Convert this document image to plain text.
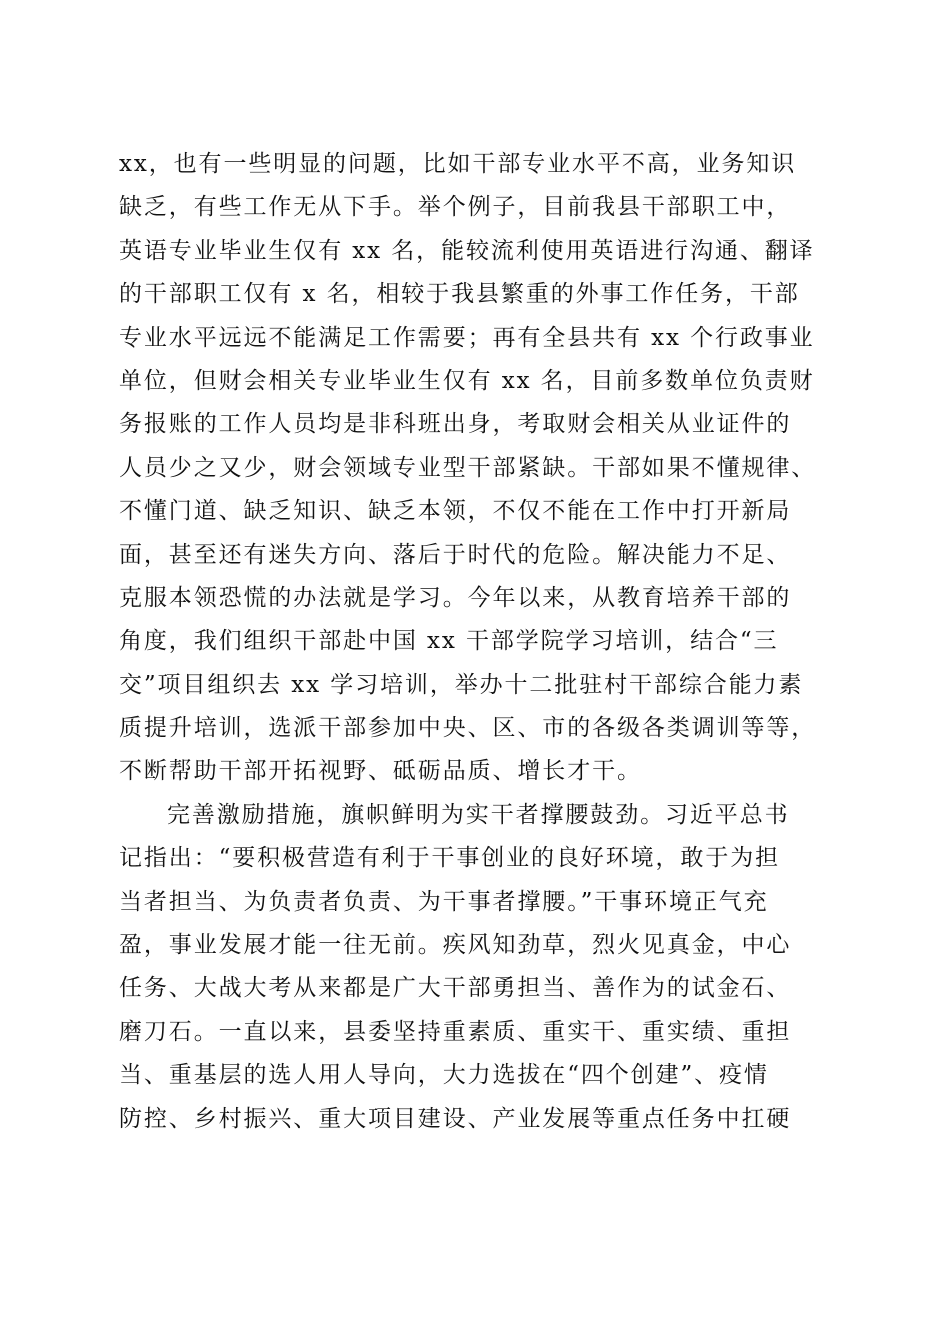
xx，也有一些明显的问题，比如干部专业水平不高，业务知识
缺乏，有些工作无从下手。举个例子，目前我县干部职工中，
英语专业毕业生仅有 xx 名，能较流利使用英语进行沟通、翻译
的干部职工仅有 x 名，相较于我县繁重的外事工作任务，干部
专业水平远远不能满足工作需要；再有全县共有 xx 个行政事业
单位，但财会相关专业毕业生仅有 xx 名，目前多数单位负责财
务报账的工作人员均是非科班出身，考取财会相关从业证件的
人员少之又少，财会领域专业型干部紧缺。干部如果不懂规律、
不懂门道、缺乏知识、缺乏本领，不仅不能在工作中打开新局
面，甚至还有迷失方向、落后于时代的危险。解决能力不足、
克服本领恐慌的办法就是学习。今年以来，从教育培养干部的
角度，我们组织干部赴中国 xx 干部学院学习培训，结合“三
交”项目组织去 xx 学习培训，举办十二批驻村干部综合能力素
质提升培训，选派干部参加中央、区、市的各级各类调训等等，
不断帮助干部开拓视野、砥砺品质、增长才干。
完善激励措施，旗帜鲜明为实干者撑腰鼓劲。习近平总书
记指出：“要积极营造有利于干事创业的良好环境，敢于为担
当者担当、为负责者负责、为干事者撑腰。”干事环境正气充
盈，事业发展才能一往无前。疾风知劲草，烈火见真金，中心
任务、大战大考从来都是广大干部勇担当、善作为的试金石、
磨刀石。一直以来，县委坚持重素质、重实干、重实绩、重担
当、重基层的选人用人导向，大力选拔在“四个创建”、疫情
防控、乡村振兴、重大项目建设、产业发展等重点任务中扛硬
